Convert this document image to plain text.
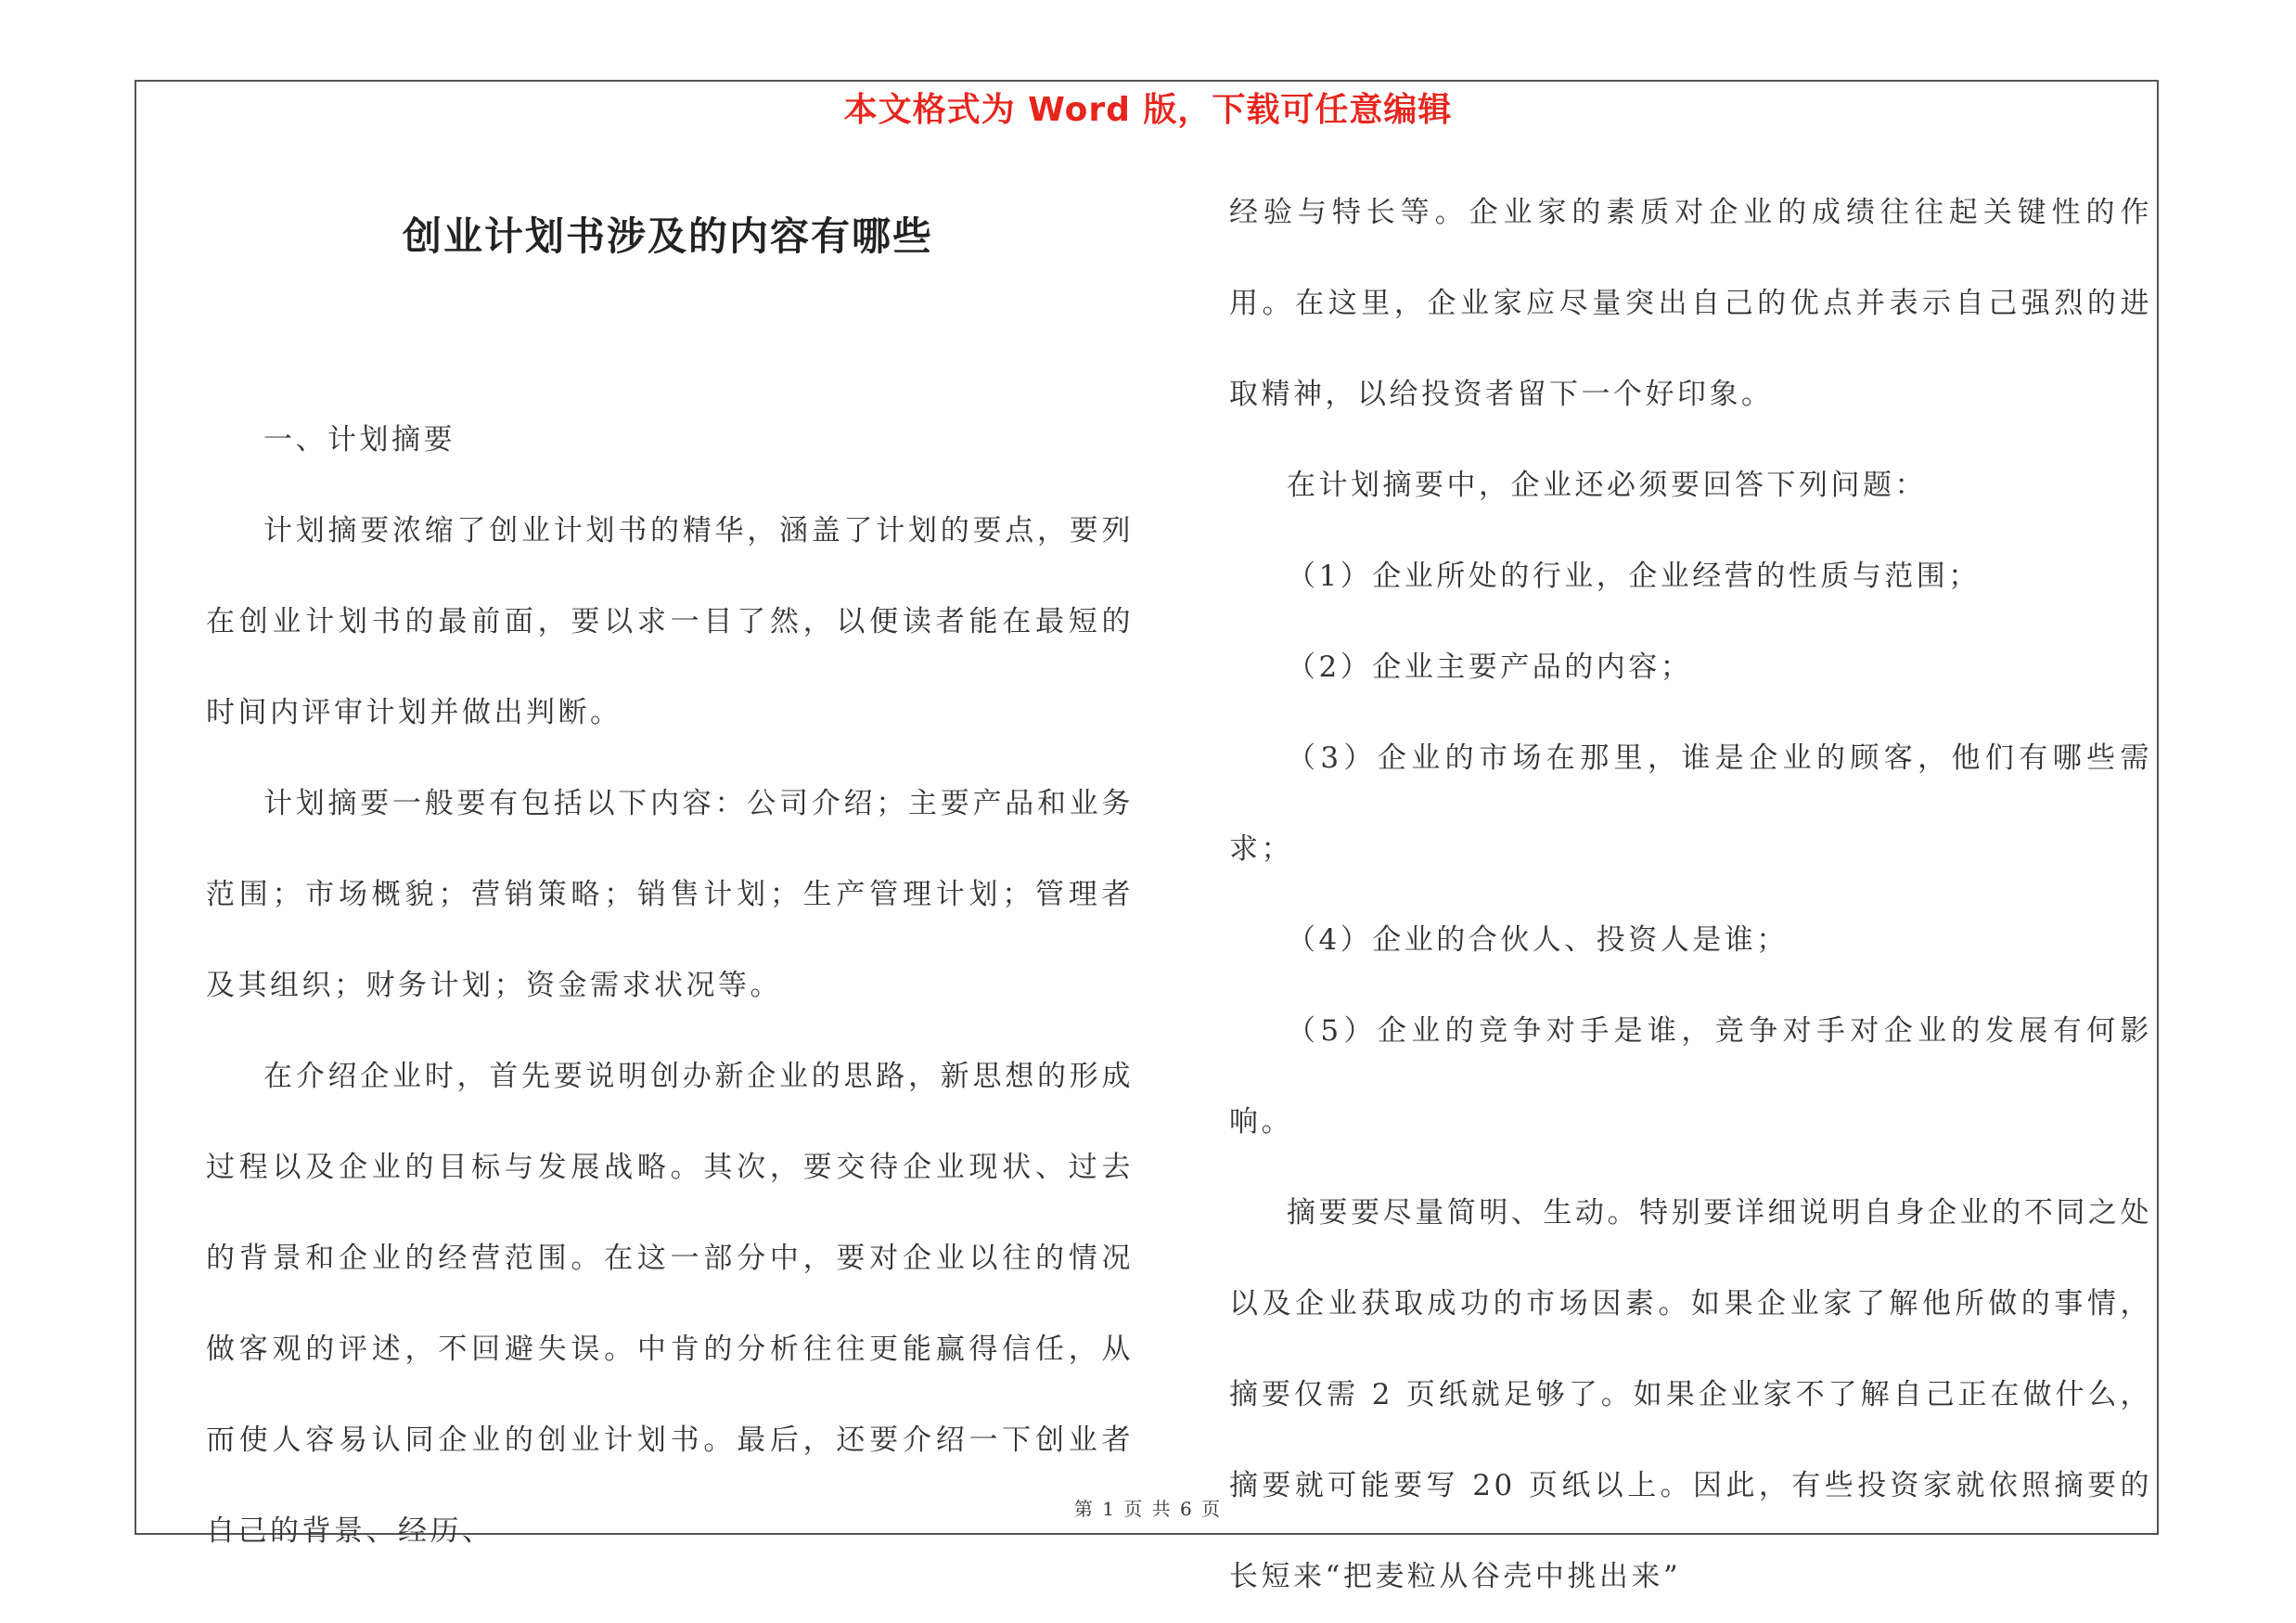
本文格式为 Word 版，下载可任意编辑
创业计划书涉及的内容有哪些

一、计划摘要

计划摘要浓缩了创业计划书的精华，涵盖了计划的要点，要列在创业计划书的最前面，要以求一目了然，以便读者能在最短的时间内评审计划并做出判断。

计划摘要一般要有包括以下内容：公司介绍；主要产品和业务范围；市场概貌；营销策略；销售计划；生产管理计划；管理者及其组织；财务计划；资金需求状况等。

在介绍企业时，首先要说明创办新企业的思路，新思想的形成过程以及企业的目标与发展战略。其次，要交待企业现状、过去的背景和企业的经营范围。在这一部分中，要对企业以往的情况做客观的评述，不回避失误。中肯的分析往往更能赢得信任，从而使人容易认同企业的创业计划书。最后，还要介绍一下创业者自己的背景、经历、

经验与特长等。企业家的素质对企业的成绩往往起关键性的作用。在这里，企业家应尽量突出自己的优点并表示自己强烈的进取精神，以给投资者留下一个好印象。

在计划摘要中，企业还必须要回答下列问题：

（1）企业所处的行业，企业经营的性质与范围；

（2）企业主要产品的内容；

（3）企业的市场在那里，谁是企业的顾客，他们有哪些需求；

（4）企业的合伙人、投资人是谁；

（5）企业的竞争对手是谁，竞争对手对企业的发展有何影响。

摘要要尽量简明、生动。特别要详细说明自身企业的不同之处以及企业获取成功的市场因素。如果企业家了解他所做的事情，摘要仅需 2 页纸就足够了。如果企业家不了解自己正在做什么，摘要就可能要写 20 页纸以上。因此，有些投资家就依照摘要的长短来“把麦粒从谷壳中挑出来”

第 1 页 共 6 页
